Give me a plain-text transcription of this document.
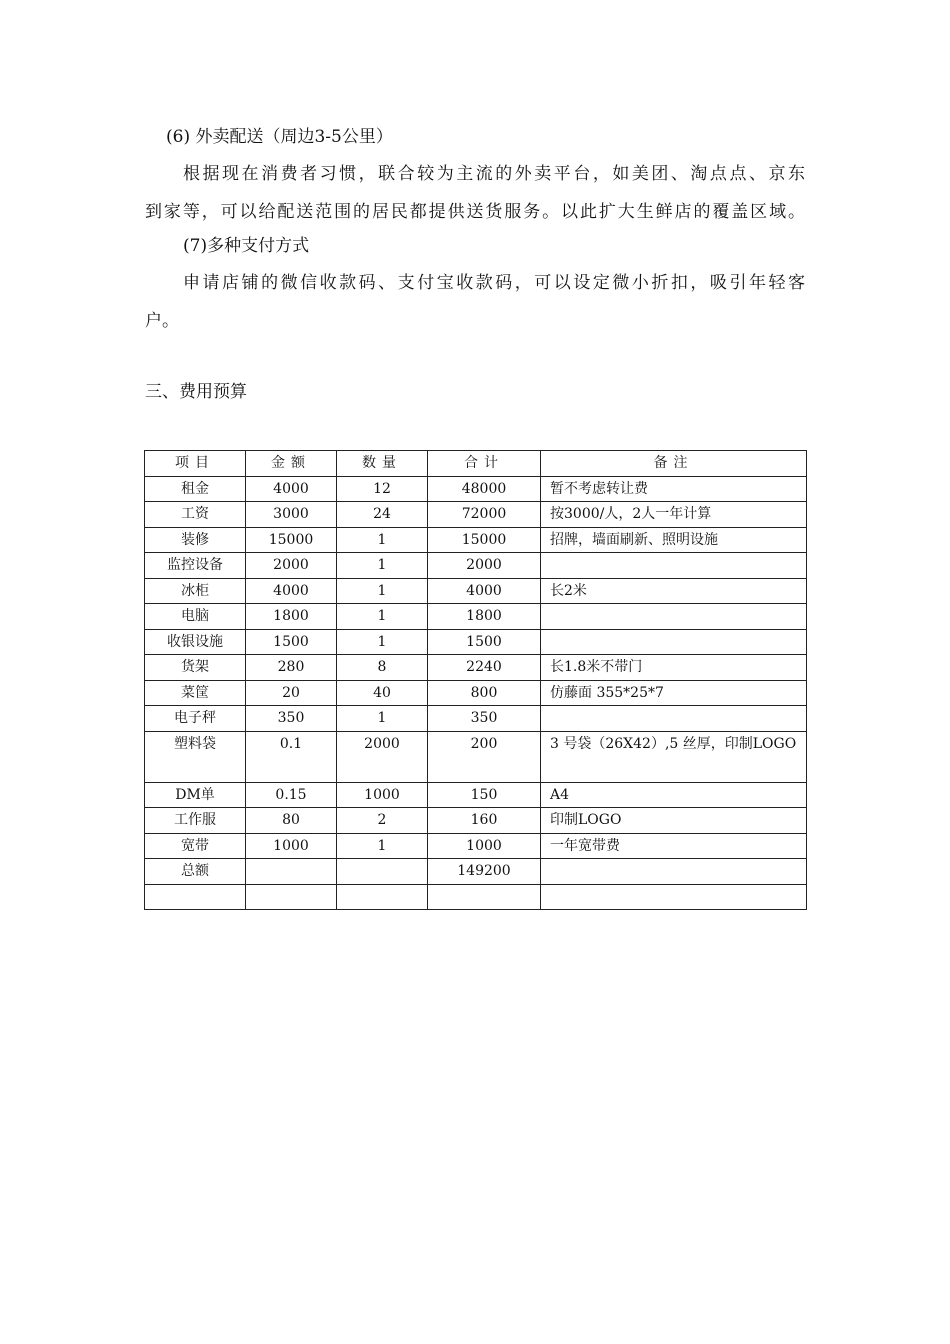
(6) 外卖配送（周边3-5公里）

根据现在消费者习惯，联合较为主流的外卖平台，如美团、淘点点、京东

到家等，可以给配送范围的居民都提供送货服务。以此扩大生鲜店的覆盖区域。

(7)多种支付方式

申请店铺的微信收款码、支付宝收款码，可以设定微小折扣，吸引年轻客

户。

三、费用预算

项目	金额	数量	合计	备注
租金	4000	12	48000	暂不考虑转让费
工资	3000	24	72000	按3000/人，2人一年计算
装修	15000	1	15000	招牌，墙面刷新、照明设施
监控设备	2000	1	2000	
冰柜	4000	1	4000	长2米
电脑	1800	1	1800	
收银设施	1500	1	1500	
货架	280	8	2240	长1.8米不带门
菜筐	20	40	800	仿藤面 355*25*7
电子秤	350	1	350	
塑料袋	0.1	2000	200	3 号袋（26X42）,5 丝厚，印制LOGO
DM单	0.15	1000	150	A4
工作服	80	2	160	印制LOGO
宽带	1000	1	1000	一年宽带费
总额			149200	
